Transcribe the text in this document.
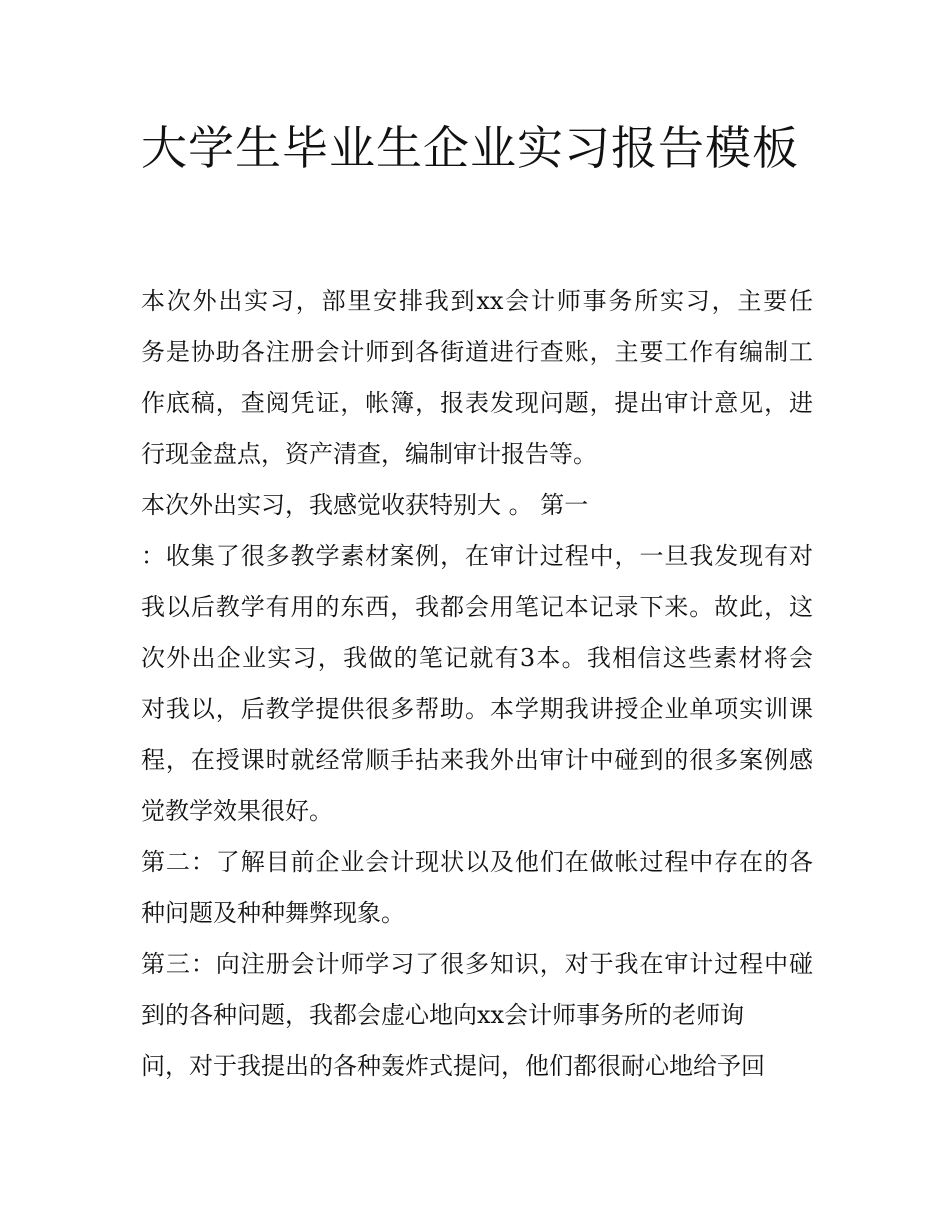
大学生毕业生企业实习报告模板
本次外出实习，部里安排我到xx会计师事务所实习，主要任
务是协助各注册会计师到各街道进行查账，主要工作有编制工
作底稿，查阅凭证，帐簿，报表发现问题，提出审计意见，进
行现金盘点，资产清查，编制审计报告等。
本次外出实习，我感觉收获特别大 。 第一
：收集了很多教学素材案例，在审计过程中，一旦我发现有对
我以后教学有用的东西，我都会用笔记本记录下来。故此，这
次外出企业实习，我做的笔记就有3本。我相信这些素材将会
对我以，后教学提供很多帮助。本学期我讲授企业单项实训课
程，在授课时就经常顺手拈来我外出审计中碰到的很多案例感
觉教学效果很好。
第二：了解目前企业会计现状以及他们在做帐过程中存在的各
种问题及种种舞弊现象。
第三：向注册会计师学习了很多知识，对于我在审计过程中碰
到的各种问题，我都会虚心地向xx会计师事务所的老师询
问，对于我提出的各种轰炸式提问，他们都很耐心地给予回
